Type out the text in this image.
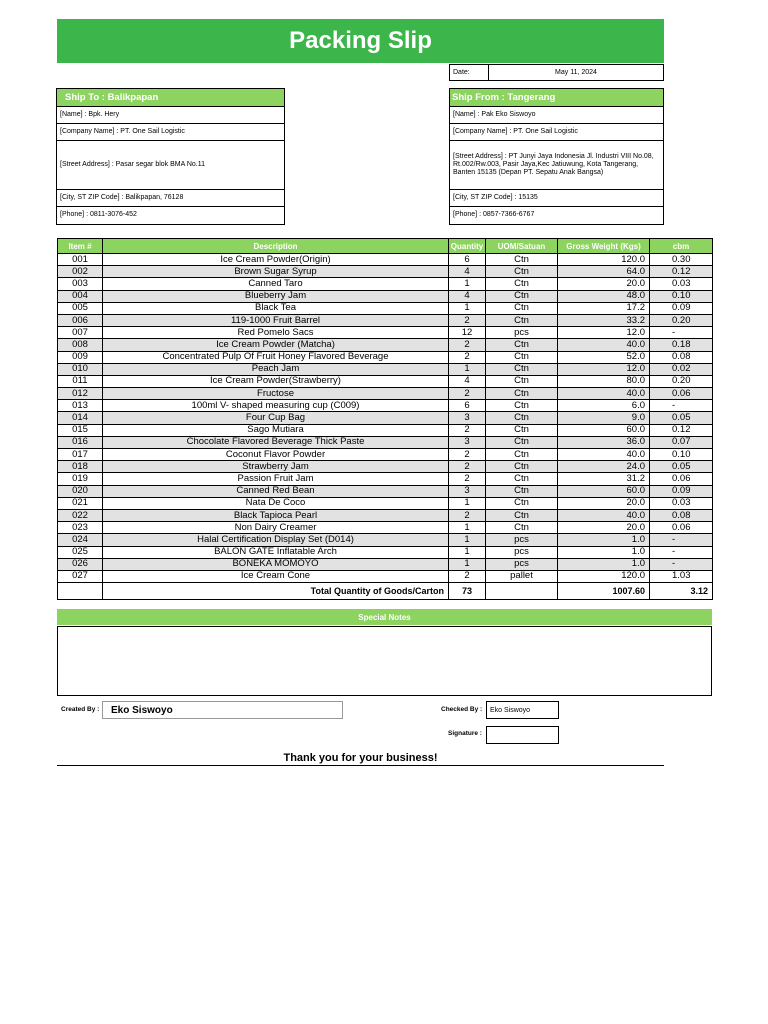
Packing Slip
Date:	May 11, 2024
Ship To : Balikpapan
[Name] : Bpk. Hery
[Company Name] : PT. One Sail Logistic
[Street Address] : Pasar segar blok BMA No.11
[City, ST ZIP Code] : Balikpapan, 76128
[Phone] : 0811-3076-452
Ship From : Tangerang
[Name] : Pak Eko Siswoyo
[Company Name] : PT. One Sail Logistic
[Street Address] : PT Junyi Jaya Indonesia Jl. Industri VIII No.08, Rt.002/Rw.003, Pasir Jaya,Kec Jatiuwung, Kota Tangerang, Banten 15135 (Depan PT. Sepatu Anak Bangsa)
[City, ST ZIP Code] : 15135
[Phone] : 0857-7366-6767
Item #	Description	Quantity	UOM/Satuan	Gross Weight (Kgs)	cbm
001	Ice Cream Powder(Origin)	6	Ctn	120.0	0.30
002	Brown Sugar Syrup	4	Ctn	64.0	0.12
003	Canned Taro	1	Ctn	20.0	0.03
004	Blueberry Jam	4	Ctn	48.0	0.10
005	Black Tea	1	Ctn	17.2	0.09
006	119-1000 Fruit Barrel	2	Ctn	33.2	0.20
007	Red Pomelo Sacs	12	pcs	12.0	-
008	Ice Cream Powder (Matcha)	2	Ctn	40.0	0.18
009	Concentrated Pulp Of Fruit Honey Flavored Beverage	2	Ctn	52.0	0.08
010	Peach Jam	1	Ctn	12.0	0.02
011	Ice Cream Powder(Strawberry)	4	Ctn	80.0	0.20
012	Fructose	2	Ctn	40.0	0.06
013	100ml V- shaped measuring cup (C009)	6	Ctn	6.0	-
014	Four Cup Bag	3	Ctn	9.0	0.05
015	Sago Mutiara	2	Ctn	60.0	0.12
016	Chocolate Flavored Beverage Thick Paste	3	Ctn	36.0	0.07
017	Coconut Flavor Powder	2	Ctn	40.0	0.10
018	Strawberry Jam	2	Ctn	24.0	0.05
019	Passion Fruit Jam	2	Ctn	31.2	0.06
020	Canned Red Bean	3	Ctn	60.0	0.09
021	Nata De Coco	1	Ctn	20.0	0.03
022	Black Tapioca Pearl	2	Ctn	40.0	0.08
023	Non Dairy Creamer	1	Ctn	20.0	0.06
024	Halal Certification Display Set (D014)	1	pcs	1.0	-
025	BALON GATE Inflatable Arch	1	pcs	1.0	-
026	BONEKA MOMOYO	1	pcs	1.0	-
027	Ice Cream Cone	2	pallet	120.0	1.03
	Total Quantity of Goods/Carton	73		1007.60	3.12
Special Notes
Created By :	Eko Siswoyo	Checked By :	Eko Siswoyo
Signature :
Thank you for your business!
